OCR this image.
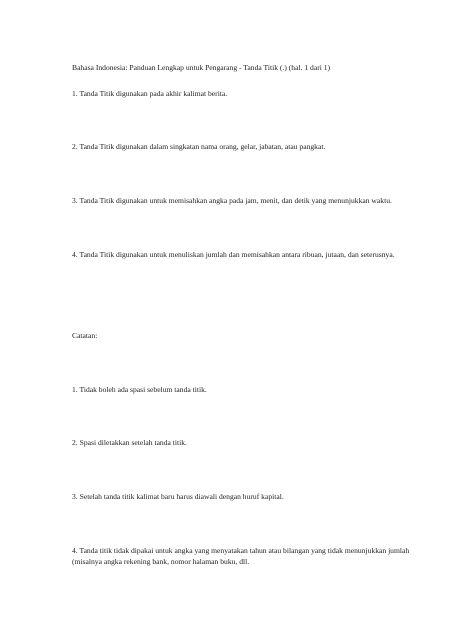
Bahasa Indonesia: Panduan Lengkap untuk Pengarang - Tanda Titik (.) (hal. 1 dari 1)
1. Tanda Titik digunakan pada akhir kalimat berita.
2. Tanda Titik digunakan dalam singkatan nama orang, gelar, jabatan, atau pangkat.
3. Tanda Titik digunakan untuk memisahkan angka pada jam, menit, dan detik yang menunjukkan waktu.
4. Tanda Titik digunakan untuk menuliskan jumlah dan memisahkan antara ribuan, jutaan, dan seterusnya.
Catatan:
1. Tidak boleh ada spasi sebelum tanda titik.
2. Spasi diletakkan setelah tanda titik.
3. Setelah tanda titik kalimat baru harus diawali dengan huruf kapital.
4. Tanda titik tidak dipakai untuk angka yang menyatakan tahun atau bilangan yang tidak menunjukkan jumlah (misalnya angka rekening bank, nomor halaman buku, dll.
